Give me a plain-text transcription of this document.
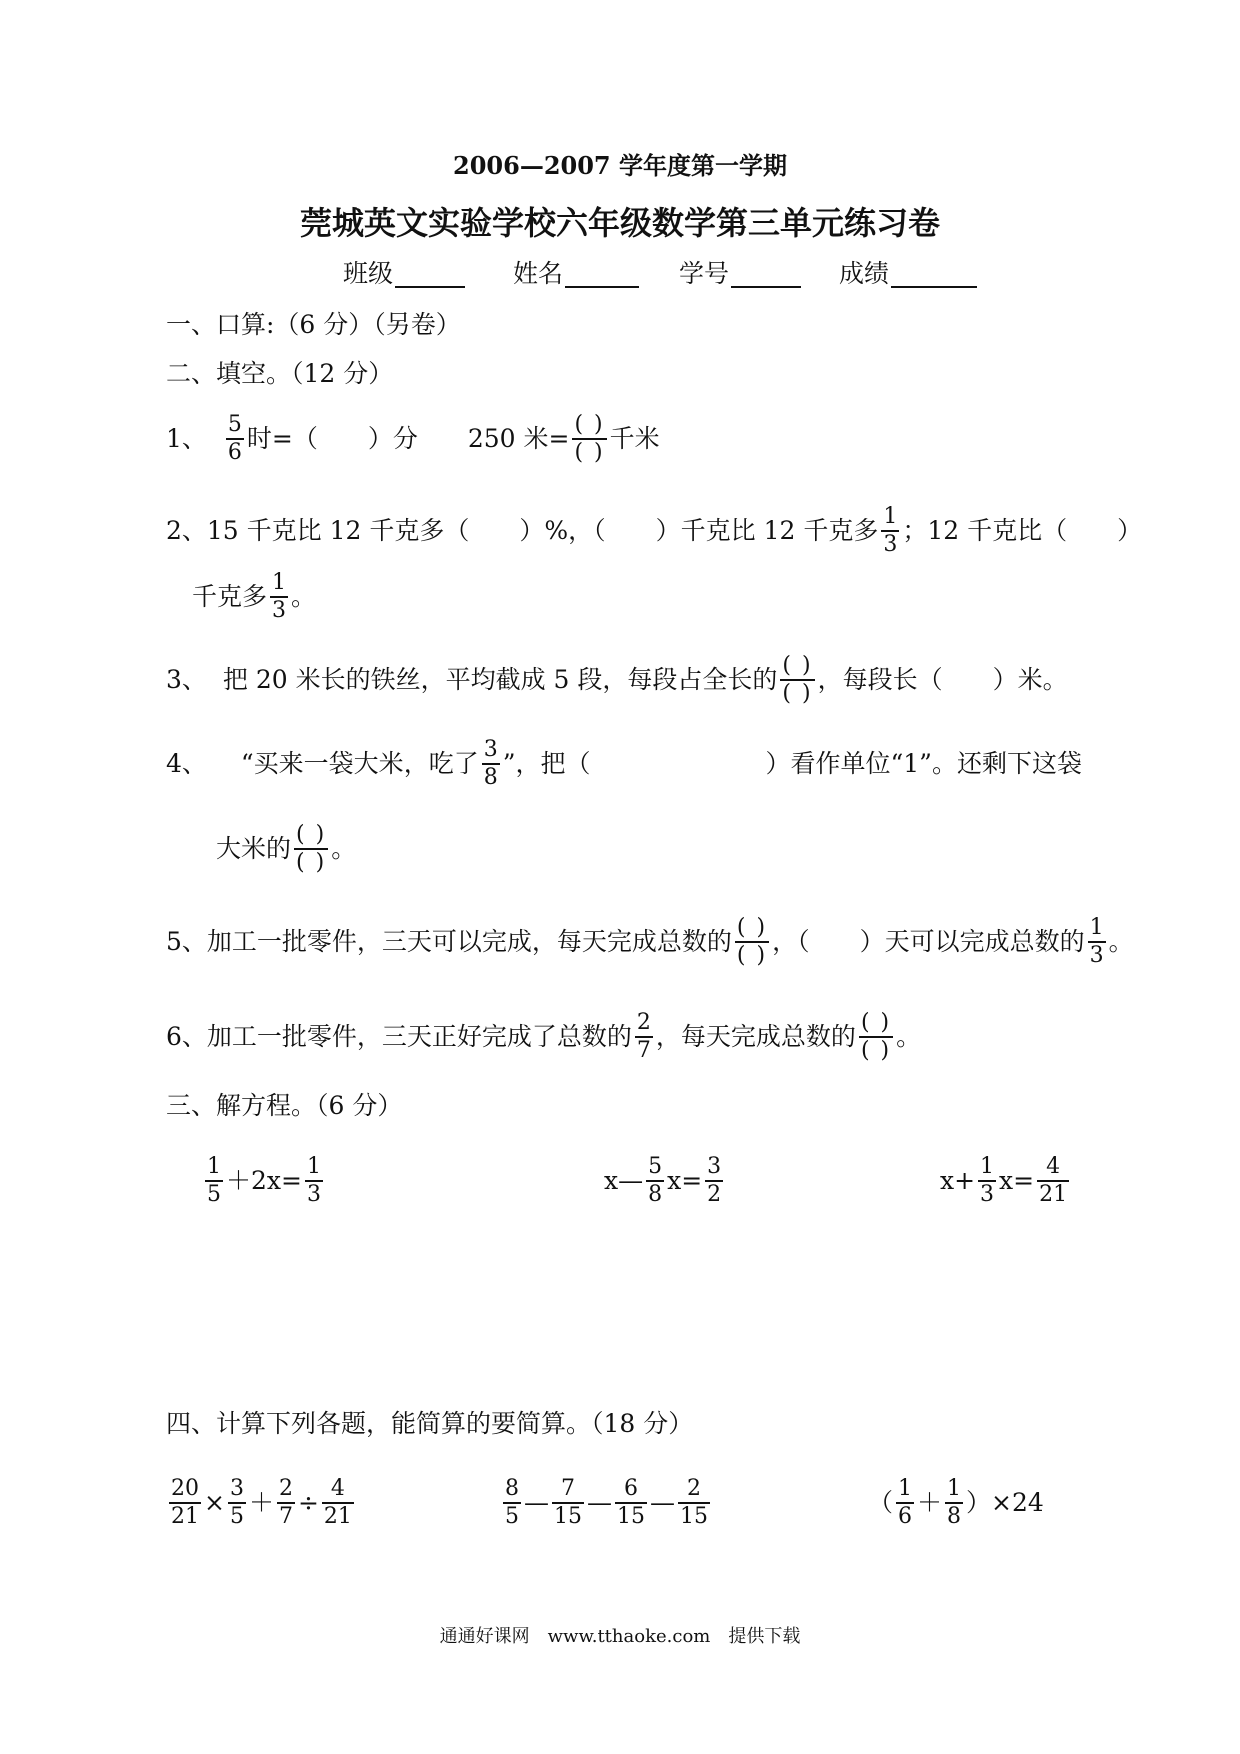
2006—2007 学年度第一学期
莞城英文实验学校六年级数学第三单元练习卷
班级	姓名	学号	成绩
一、口算:（6 分）（另卷）
二、填空。（12 分）
1、 $\frac{5}{6}$ 时=（　　）分 250 米= $\frac{( )}{( )}$ 千米
2、15 千克比 12 千克多（　　）%，（　　）千克比 12 千克多 $\frac{1}{3}$ ；12 千克比（　　）
千克多 $\frac{1}{3}$ 。
3、 把 20 米长的铁丝，平均截成 5 段，每段占全长的 $\frac{( )}{( )}$ ，每段长（　　）米。
4、 “买来一袋大米，吃了 $\frac{3}{8}$ ”，把（　　　　　　　）看作单位“1”。还剩下这袋
大米的 $\frac{( )}{( )}$ 。
5、加工一批零件，三天可以完成，每天完成总数的 $\frac{( )}{( )}$ ，（　　）天可以完成总数的 $\frac{1}{3}$ 。
6、加工一批零件，三天正好完成了总数的 $\frac{2}{7}$ ，每天完成总数的 $\frac{( )}{( )}$ 。
三、解方程。（6 分）
$\frac{1}{5} +2x= \frac{1}{3}$	x— $\frac{5}{8} x= \frac{3}{2}$	$x+ \frac{1}{3} x= \frac{4}{21}$
四、计算下列各题，能简算的要简算。（18 分）
$\frac{20}{21} \times \frac{3}{5} + \frac{2}{7} \div \frac{4}{21}$	$\frac{8}{5}$ — $\frac{7}{15}$ — $\frac{6}{15}$ — $\frac{2}{15}$	（ $\frac{1}{6} + \frac{1}{8} )\times 24$
通通好课网　www.tthaoke.com　提供下载
